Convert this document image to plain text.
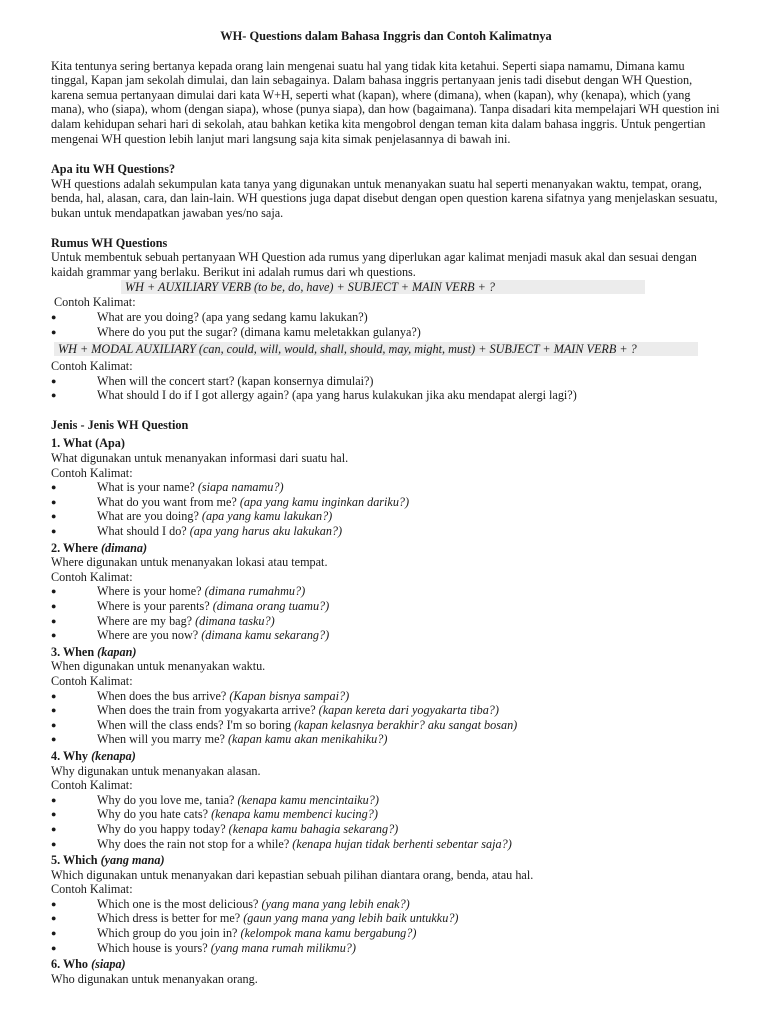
WH- Questions dalam Bahasa Inggris dan Contoh Kalimatnya

Kita tentunya sering bertanya kepada orang lain mengenai suatu hal yang tidak kita ketahui. Seperti siapa namamu, Dimana kamu tinggal, Kapan jam sekolah dimulai, dan lain sebagainya. Dalam bahasa inggris pertanyaan jenis tadi disebut dengan WH Question, karena semua pertanyaan dimulai dari kata W+H, seperti what (kapan), where (dimana), when (kapan), why (kenapa), which (yang mana), who (siapa), whom (dengan siapa), whose (punya siapa), dan how (bagaimana). Tanpa disadari kita mempelajari WH question ini dalam kehidupan sehari hari di sekolah, atau bahkan ketika kita mengobrol dengan teman kita dalam bahasa inggris. Untuk pengertian mengenai WH question lebih lanjut mari langsung saja kita simak penjelasannya di bawah ini.

Apa itu WH Questions?

WH questions adalah sekumpulan kata tanya yang digunakan untuk menanyakan suatu hal seperti menanyakan waktu, tempat, orang, benda, hal, alasan, cara, dan lain-lain. WH questions juga dapat disebut dengan open question karena sifatnya yang menjelaskan sesuatu, bukan untuk mendapatkan jawaban yes/no saja.

Rumus WH Questions

Untuk membentuk sebuah pertanyaan WH Question ada rumus yang diperlukan agar kalimat menjadi masuk akal dan sesuai dengan kaidah grammar yang berlaku. Berikut ini adalah rumus dari wh questions.

WH + AUXILIARY VERB (to be, do, have) + SUBJECT + MAIN VERB + ?

Contoh Kalimat:

● What are you doing? (apa yang sedang kamu lakukan?)
● Where do you put the sugar? (dimana kamu meletakkan gulanya?)
WH + MODAL AUXILIARY (can, could, will, would, shall, should, may, might, must) + SUBJECT + MAIN VERB + ?

Contoh Kalimat:

● When will the concert start? (kapan konsernya dimulai?)
● What should I do if I got allergy again? (apa yang harus kulakukan jika aku mendapat alergi lagi?)
Jenis - Jenis WH Question
1. What (Apa)

What digunakan untuk menanyakan informasi dari suatu hal.

Contoh Kalimat:

● What is your name? (siapa namamu?)
● What do you want from me? (apa yang kamu inginkan dariku?)
● What are you doing? (apa yang kamu lakukan?)
● What should I do? (apa yang harus aku lakukan?)
2. Where (dimana)

Where digunakan untuk menanyakan lokasi atau tempat.

Contoh Kalimat:

● Where is your home? (dimana rumahmu?)
● Where is your parents? (dimana orang tuamu?)
● Where are my bag? (dimana tasku?)
● Where are you now? (dimana kamu sekarang?)
3. When (kapan)

When digunakan untuk menanyakan waktu.

Contoh Kalimat:

● When does the bus arrive? (Kapan bisnya sampai?)
● When does the train from yogyakarta arrive? (kapan kereta dari yogyakarta tiba?)
● When will the class ends? I'm so boring (kapan kelasnya berakhir? aku sangat bosan)
● When will you marry me? (kapan kamu akan menikahiku?)
4. Why (kenapa)

Why digunakan untuk menanyakan alasan.

Contoh Kalimat:

● Why do you love me, tania? (kenapa kamu mencintaiku?)
● Why do you hate cats? (kenapa kamu membenci kucing?)
● Why do you happy today? (kenapa kamu bahagia sekarang?)
● Why does the rain not stop for a while? (kenapa hujan tidak berhenti sebentar saja?)
5. Which (yang mana)

Which digunakan untuk menanyakan dari kepastian sebuah pilihan diantara orang, benda, atau hal.

Contoh Kalimat:

● Which one is the most delicious? (yang mana yang lebih enak?)
● Which dress is better for me? (gaun yang mana yang lebih baik untukku?)
● Which group do you join in? (kelompok mana kamu bergabung?)
● Which house is yours? (yang mana rumah milikmu?)
6. Who (siapa)

Who digunakan untuk menanyakan orang.
